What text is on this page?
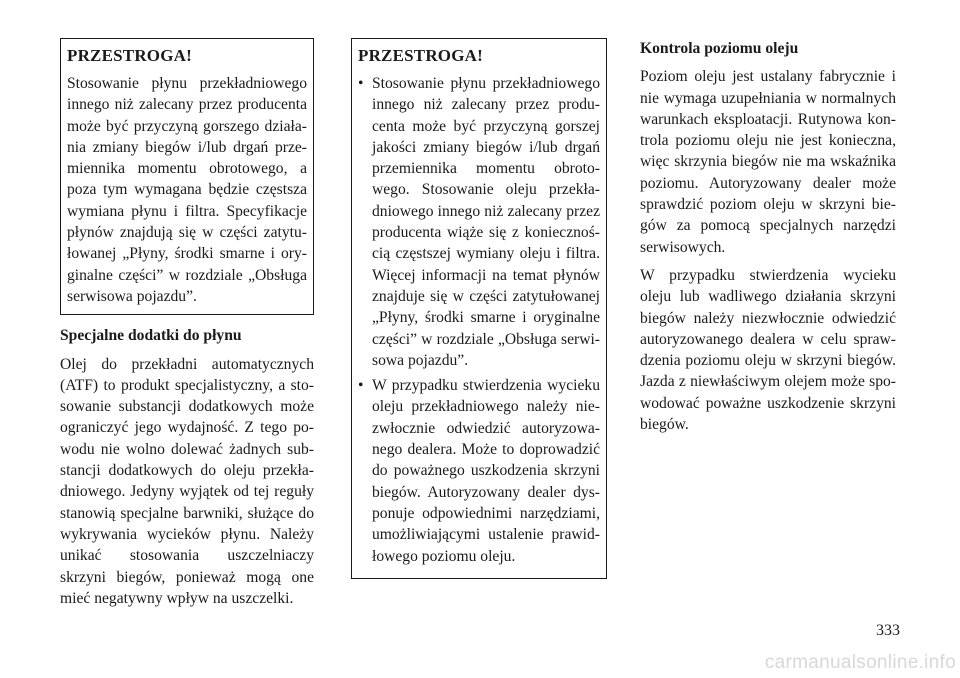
PRZESTROGA!
Stosowanie płynu przekładniowego innego niż zalecany przez producenta może być przyczyną gorszego działania zmiany biegów i/lub drgań przemiennika momentu obrotowego, a poza tym wymagana będzie częstsza wymiana płynu i filtra. Specyfikacje płynów znajdują się w części zatytułowanej „Płyny, środki smarne i oryginalne części” w rozdziale „Obsługa serwisowa pojazdu”.

Specjalne dodatki do płynu

Olej do przekładni automatycznych (ATF) to produkt specjalistyczny, a stosowanie substancji dodatkowych może ograniczyć jego wydajność. Z tego powodu nie wolno dolewać żadnych substancji dodatkowych do oleju przekładniowego. Jedyny wyjątek od tej reguły stanowią specjalne barwniki, służące do wykrywania wycieków płynu. Należy unikać stosowania uszczelniaczy skrzyni biegów, ponieważ mogą one mieć negatywny wpływ na uszczelki.

PRZESTROGA!
• Stosowanie płynu przekładniowego innego niż zalecany przez producenta może być przyczyną gorszej jakości zmiany biegów i/lub drgań przemiennika momentu obrotowego. Stosowanie oleju przekładniowego innego niż zalecany przez producenta wiąże się z koniecznością częstszej wymiany oleju i filtra. Więcej informacji na temat płynów znajduje się w części zatytułowanej „Płyny, środki smarne i oryginalne części” w rozdziale „Obsługa serwisowa pojazdu”.
• W przypadku stwierdzenia wycieku oleju przekładniowego należy niezwłocznie odwiedzić autoryzowanego dealera. Może to doprowadzić do poważnego uszkodzenia skrzyni biegów. Autoryzowany dealer dysponuje odpowiednimi narzędziami, umożliwiającymi ustalenie prawidłowego poziomu oleju.

Kontrola poziomu oleju

Poziom oleju jest ustalany fabrycznie i nie wymaga uzupełniania w normalnych warunkach eksploatacji. Rutynowa kontrola poziomu oleju nie jest konieczna, więc skrzynia biegów nie ma wskaźnika poziomu. Autoryzowany dealer może sprawdzić poziom oleju w skrzyni biegów za pomocą specjalnych narzędzi serwisowych.

W przypadku stwierdzenia wycieku oleju lub wadliwego działania skrzyni biegów należy niezwłocznie odwiedzić autoryzowanego dealera w celu sprawdzenia poziomu oleju w skrzyni biegów. Jazda z niewłaściwym olejem może spowodować poważne uszkodzenie skrzyni biegów.

333
carmanualsonline.info
